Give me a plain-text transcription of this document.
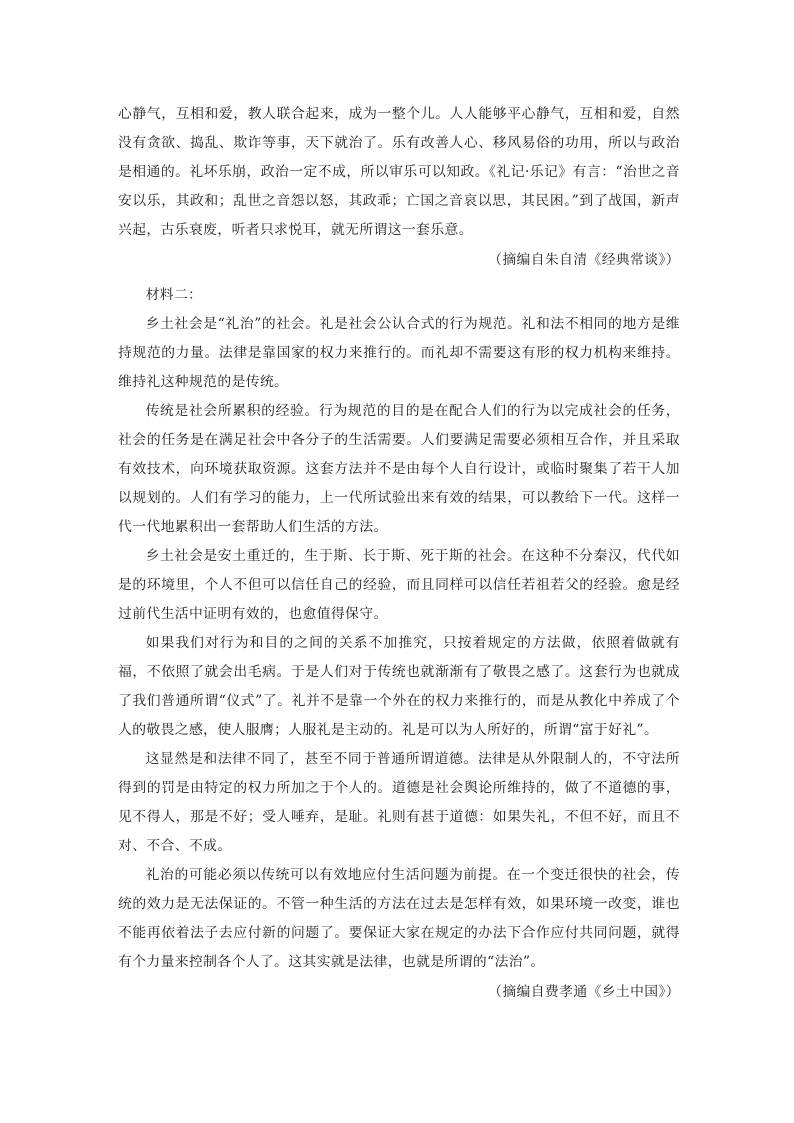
心静气，互相和爱，教人联合起来，成为一整个儿。人人能够平心静气，互相和爱，自然没有贪欲、捣乱、欺诈等事，天下就治了。乐有改善人心、移风易俗的功用，所以与政治是相通的。礼坏乐崩，政治一定不成，所以审乐可以知政。《礼记·乐记》有言：“治世之音安以乐，其政和；乱世之音怨以怒，其政乖；亡国之音哀以思，其民困。”到了战国，新声兴起，古乐衰废，听者只求悦耳，就无所谓这一套乐意。

（摘编自朱自清《经典常谈》）

材料二：

乡土社会是“礼治”的社会。礼是社会公认合式的行为规范。礼和法不相同的地方是维持规范的力量。法律是靠国家的权力来推行的。而礼却不需要这有形的权力机构来维持。维持礼这种规范的是传统。

传统是社会所累积的经验。行为规范的目的是在配合人们的行为以完成社会的任务，社会的任务是在满足社会中各分子的生活需要。人们要满足需要必须相互合作，并且采取有效技术，向环境获取资源。这套方法并不是由每个人自行设计，或临时聚集了若干人加以规划的。人们有学习的能力，上一代所试验出来有效的结果，可以教给下一代。这样一代一代地累积出一套帮助人们生活的方法。

乡土社会是安土重迁的，生于斯、长于斯、死于斯的社会。在这种不分秦汉，代代如是的环境里，个人不但可以信任自己的经验，而且同样可以信任若祖若父的经验。愈是经过前代生活中证明有效的，也愈值得保守。

如果我们对行为和目的之间的关系不加推究，只按着规定的方法做，依照着做就有福，不依照了就会出毛病。于是人们对于传统也就渐渐有了敬畏之感了。这套行为也就成了我们普通所谓“仪式”了。礼并不是靠一个外在的权力来推行的，而是从教化中养成了个人的敬畏之感，使人服膺；人服礼是主动的。礼是可以为人所好的，所谓“富于好礼”。

这显然是和法律不同了，甚至不同于普通所谓道德。法律是从外限制人的，不守法所得到的罚是由特定的权力所加之于个人的。道德是社会舆论所维持的，做了不道德的事，见不得人，那是不好；受人唾弃，是耻。礼则有甚于道德：如果失礼，不但不好，而且不对、不合、不成。

礼治的可能必须以传统可以有效地应付生活问题为前提。在一个变迁很快的社会，传统的效力是无法保证的。不管一种生活的方法在过去是怎样有效，如果环境一改变，谁也不能再依着法子去应付新的问题了。要保证大家在规定的办法下合作应付共同问题，就得有个力量来控制各个人了。这其实就是法律，也就是所谓的“法治”。

（摘编自费孝通《乡土中国》）
